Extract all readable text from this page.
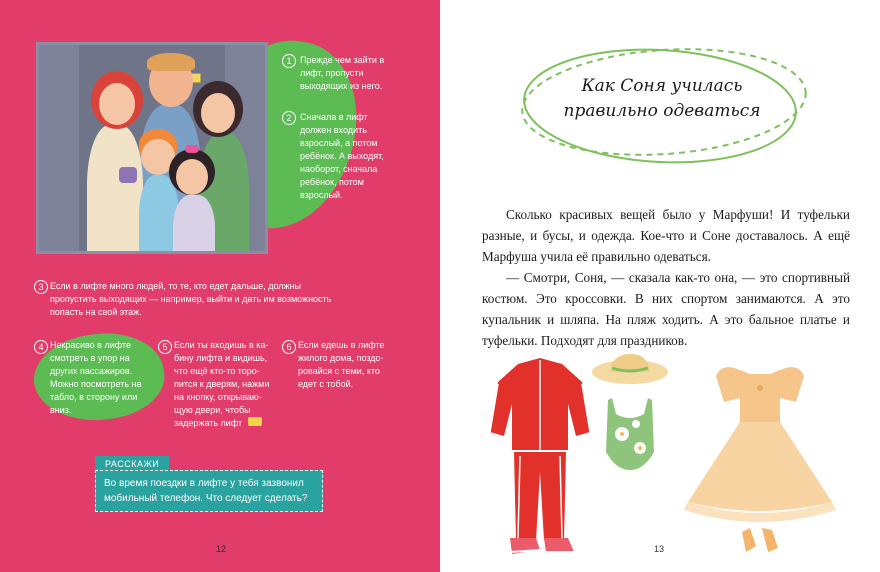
1 Прежде чем зайти в лифт, пропусти выходящих из него.
2 Сначала в лифт должен входить взрослый, а потом ребёнок. А выходят, наоборот, сначала ребёнок, потом взрослый.
3 Если в лифте много людей, то те, кто едет дальше, должны пропустить выходящих — например, выйти и дать им возможность попасть на свой этаж.
4 Некрасиво в лифте смотреть в упор на других пассажиров. Можно посмотреть на табло, в сторону или вниз.
5 Если ты входишь в кабину лифта и видишь, что ещё кто-то торопится к дверям, нажми на кнопку, открывающую двери, чтобы задержать лифт
6 Если едешь в лифте жилого дома, поздоровайся с теми, кто едет с тобой.
РАССКАЖИ
Во время поездки в лифте у тебя зазвонил мобильный телефон. Что следует сделать?
12
Как Соня училась
правильно одеваться

Сколько красивых вещей было у Марфуши! И туфельки разные, и бусы, и одежда. Кое-что и Соне доставалось. А ещё Марфуша учила её правильно одеваться.

— Смотри, Соня, — сказала как-то она, — это спортивный костюм. Это кроссовки. В них спортом занимаются. А это купальник и шляпа. На пляж ходить. А это бальное платье и туфельки. Подходят для праздников.

13
